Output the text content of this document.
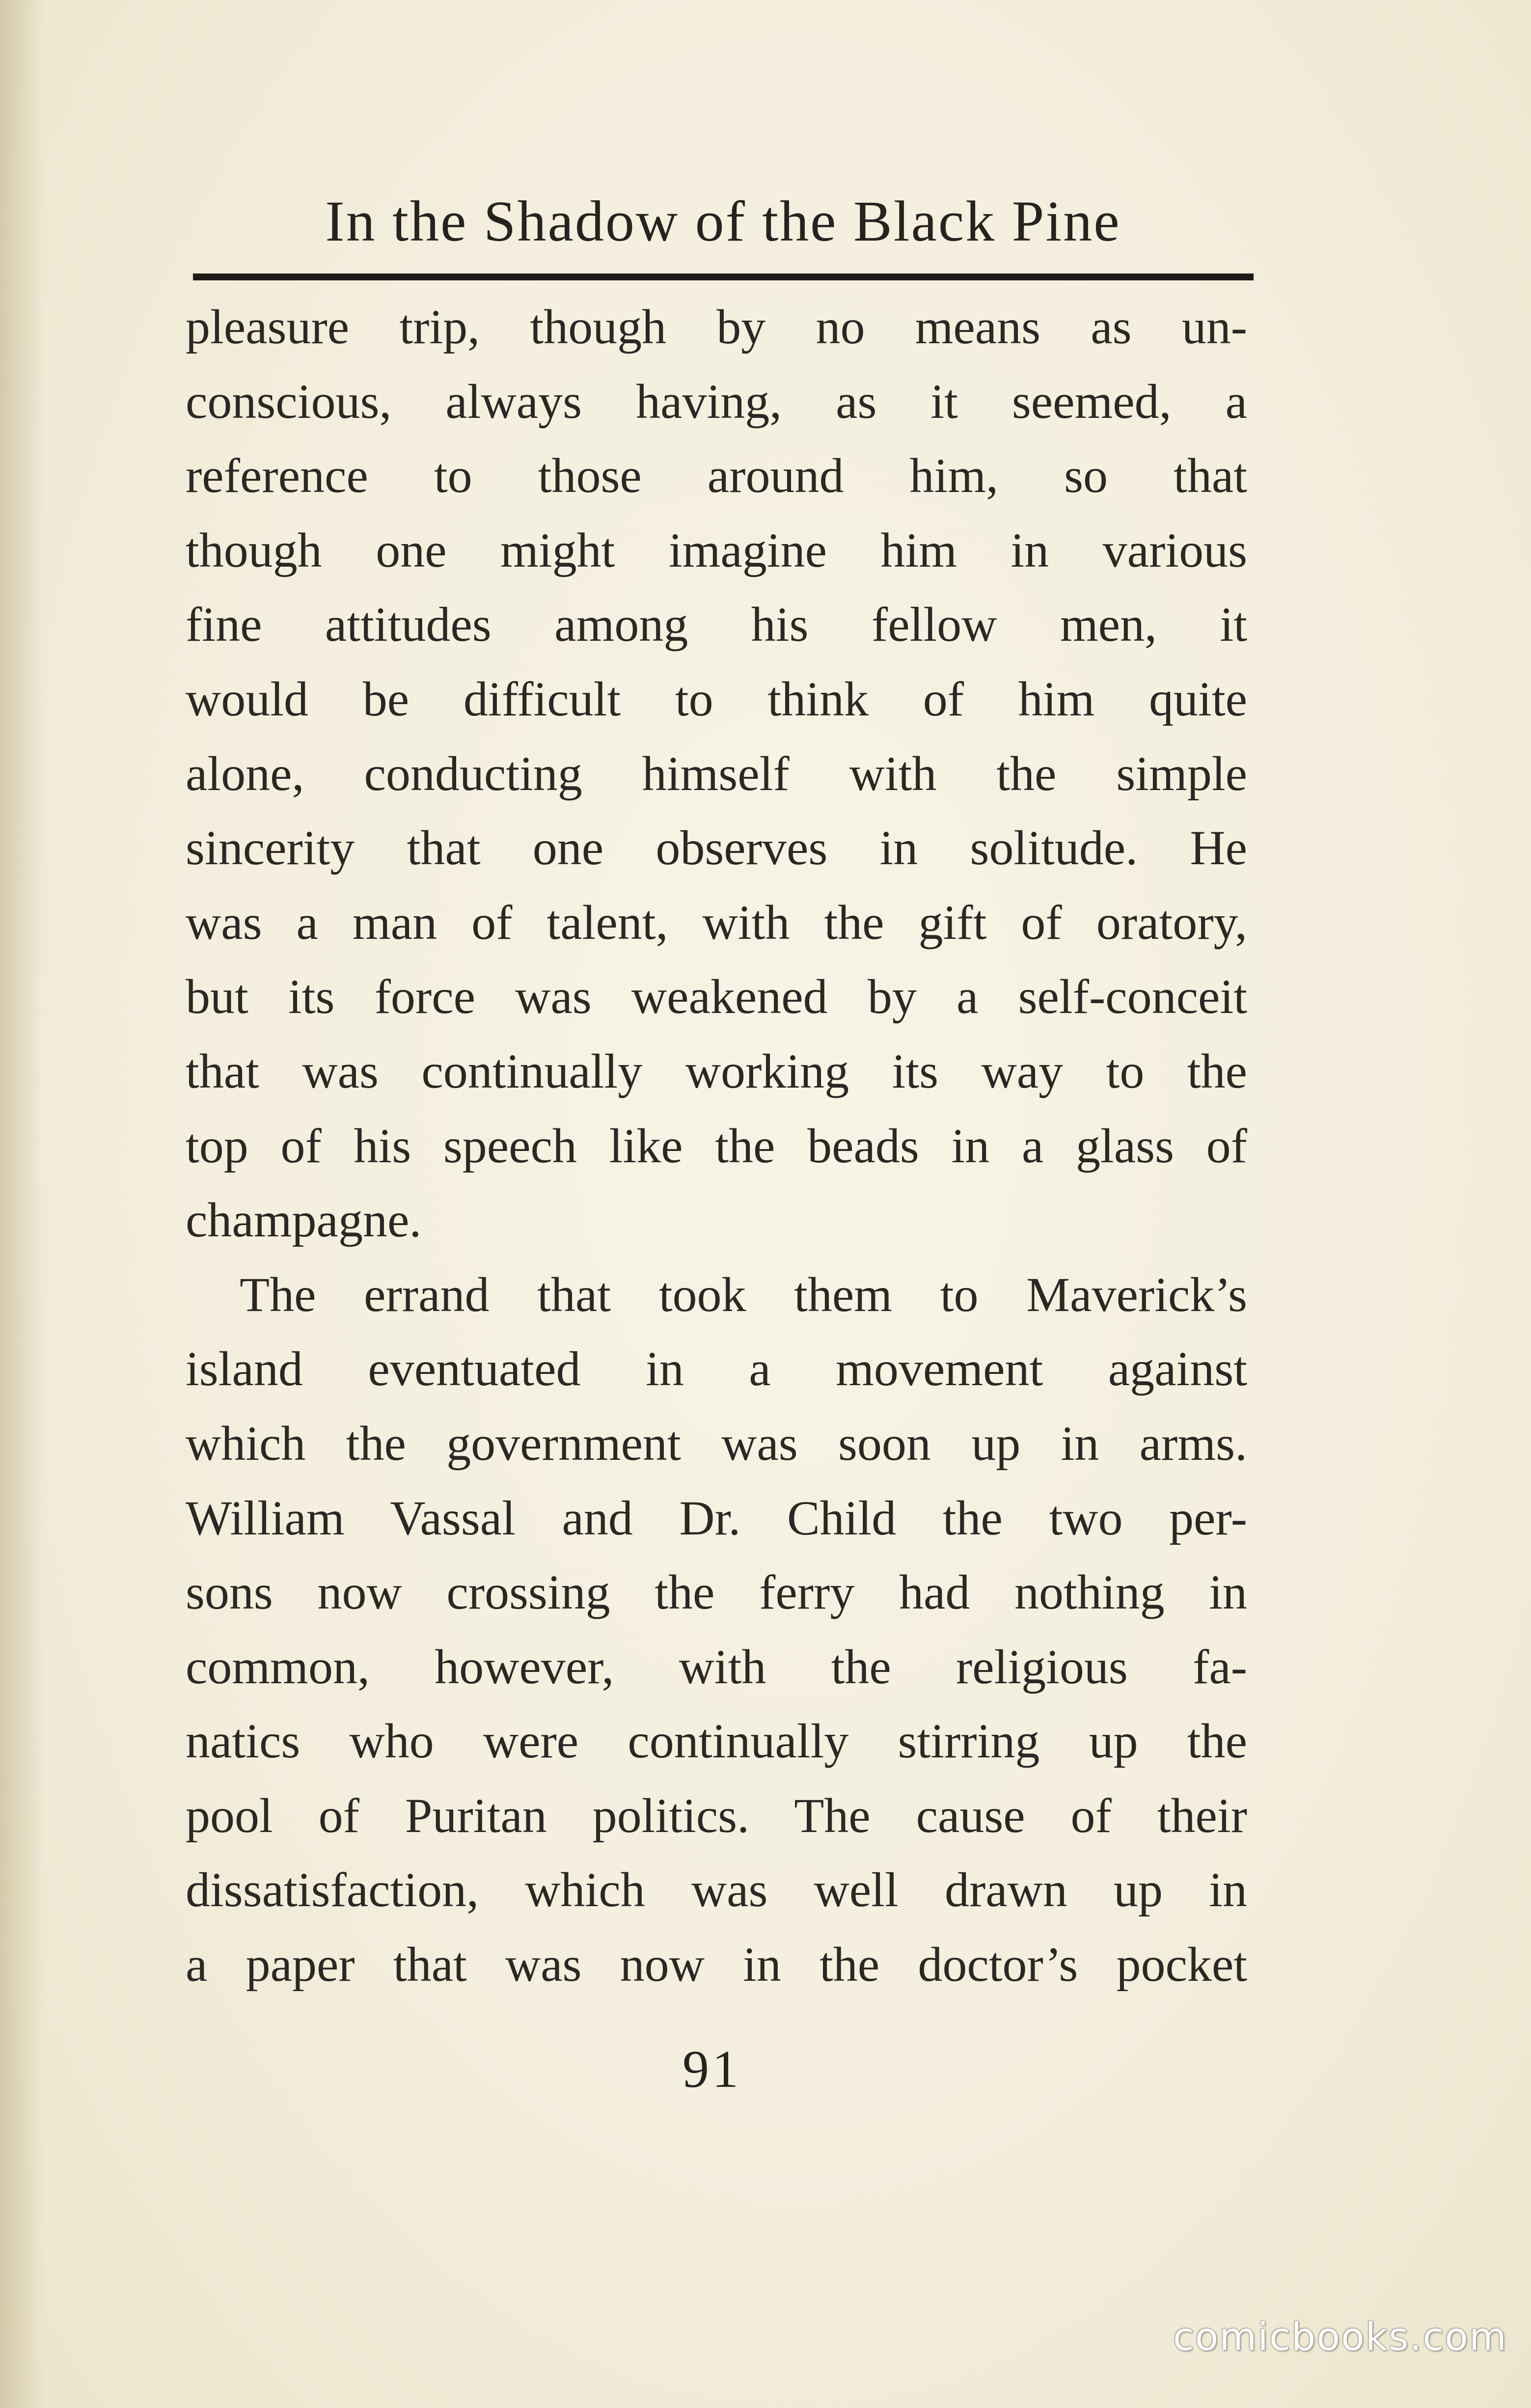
In the Shadow of the Black Pine
pleasure trip, though by no means as un-
conscious, always having, as it seemed, a
reference to those around him, so that
though one might imagine him in various
fine attitudes among his fellow men, it
would be difficult to think of him quite
alone, conducting himself with the simple
sincerity that one observes in solitude. He
was a man of talent, with the gift of oratory,
but its force was weakened by a self-conceit
that was continually working its way to the
top of his speech like the beads in a glass of
champagne.
The errand that took them to Maverick’s
island eventuated in a movement against
which the government was soon up in arms.
William Vassal and Dr. Child the two per-
sons now crossing the ferry had nothing in
common, however, with the religious fa-
natics who were continually stirring up the
pool of Puritan politics. The cause of their
dissatisfaction, which was well drawn up in
a paper that was now in the doctor’s pocket
91
comicbooks.com
